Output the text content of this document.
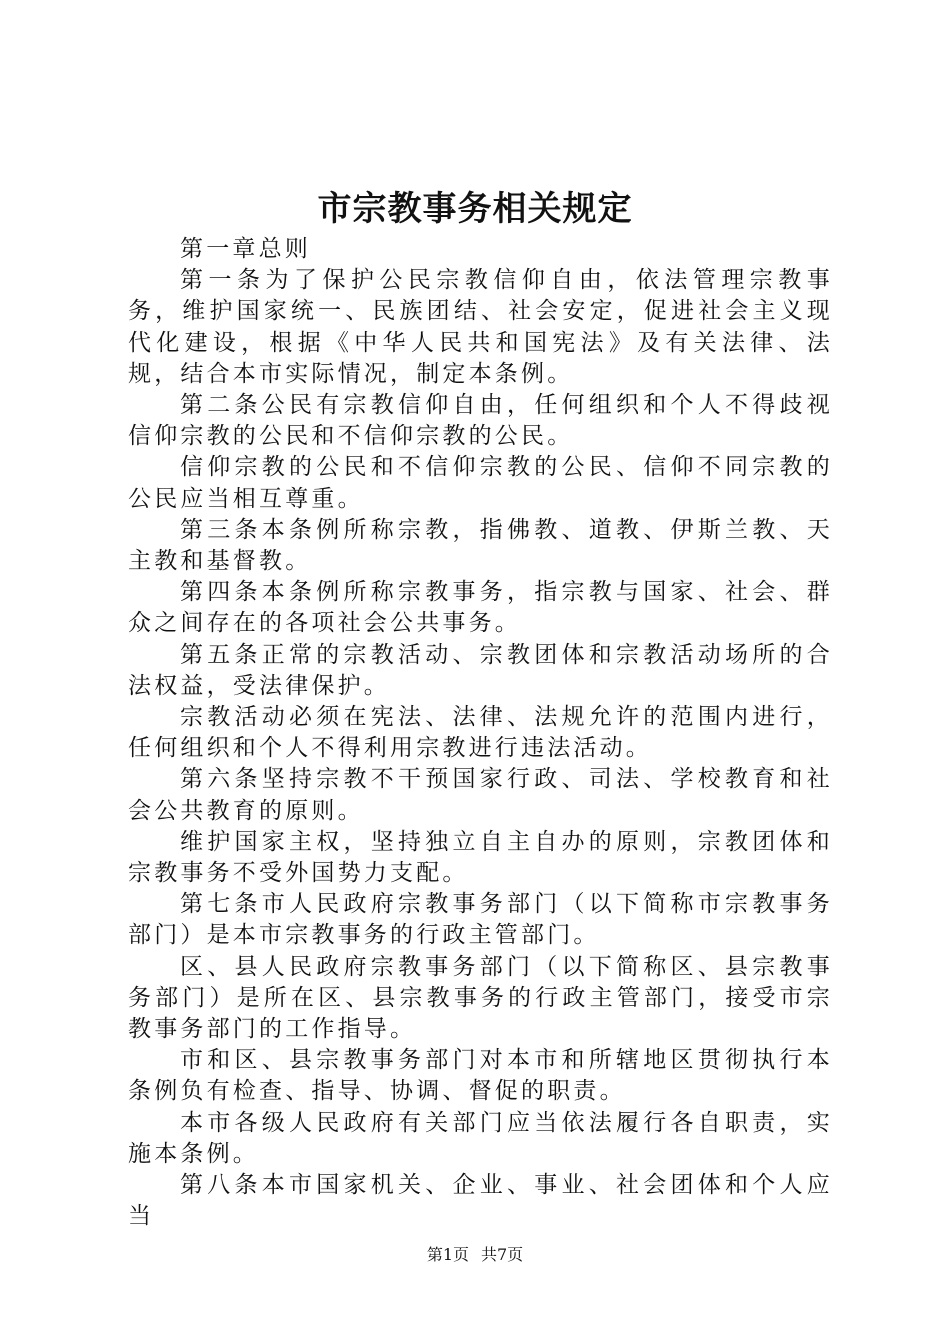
市宗教事务相关规定

第一章总则

第一条为了保护公民宗教信仰自由，依法管理宗教事务，维护国家统一、民族团结、社会安定，促进社会主义现代化建设，根据《中华人民共和国宪法》及有关法律、法规，结合本市实际情况，制定本条例。

第二条公民有宗教信仰自由，任何组织和个人不得歧视信仰宗教的公民和不信仰宗教的公民。

信仰宗教的公民和不信仰宗教的公民、信仰不同宗教的公民应当相互尊重。

第三条本条例所称宗教，指佛教、道教、伊斯兰教、天主教和基督教。

第四条本条例所称宗教事务，指宗教与国家、社会、群众之间存在的各项社会公共事务。

第五条正常的宗教活动、宗教团体和宗教活动场所的合法权益，受法律保护。

宗教活动必须在宪法、法律、法规允许的范围内进行，任何组织和个人不得利用宗教进行违法活动。

第六条坚持宗教不干预国家行政、司法、学校教育和社会公共教育的原则。

维护国家主权，坚持独立自主自办的原则，宗教团体和宗教事务不受外国势力支配。

第七条市人民政府宗教事务部门（以下简称市宗教事务部门）是本市宗教事务的行政主管部门。

区、县人民政府宗教事务部门（以下简称区、县宗教事务部门）是所在区、县宗教事务的行政主管部门，接受市宗教事务部门的工作指导。

市和区、县宗教事务部门对本市和所辖地区贯彻执行本条例负有检查、指导、协调、督促的职责。

本市各级人民政府有关部门应当依法履行各自职责，实施本条例。

第八条本市国家机关、企业、事业、社会团体和个人应当

第1页 共7页
